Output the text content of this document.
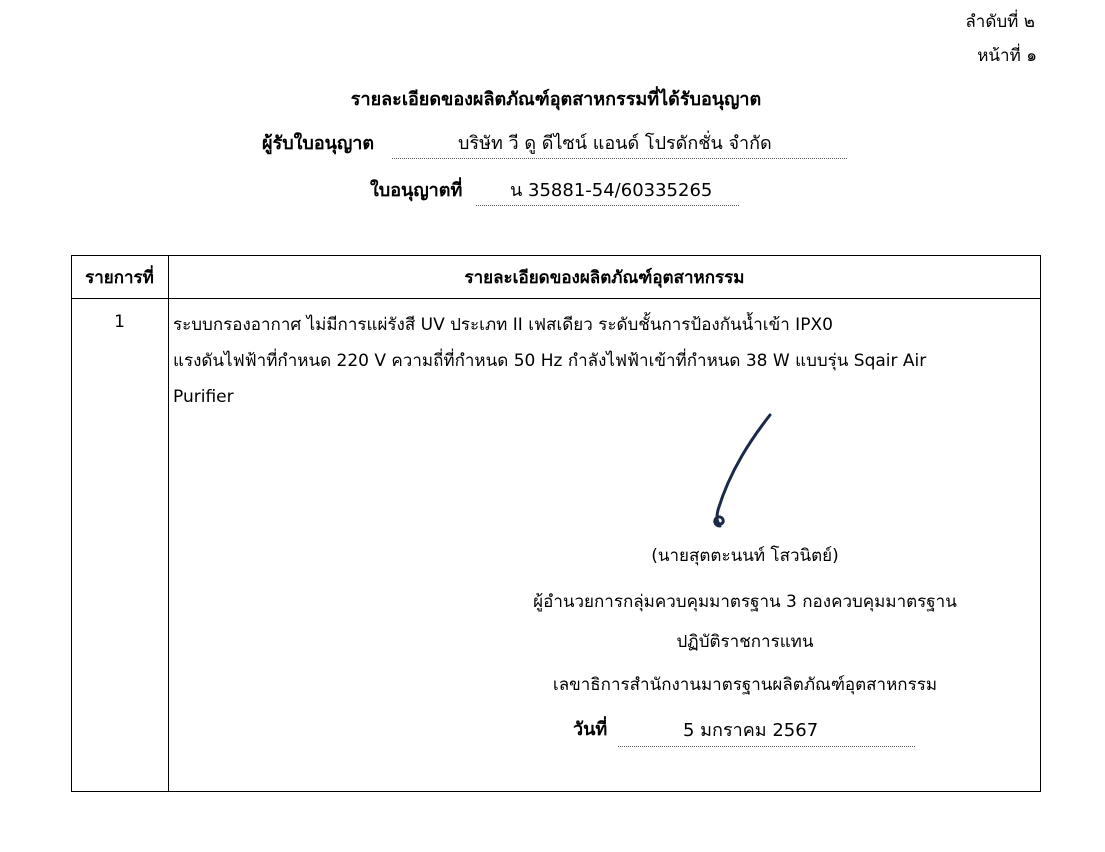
ลำดับที่ ๒
หน้าที่ ๑
รายละเอียดของผลิตภัณฑ์อุตสาหกรรมที่ได้รับอนุญาต
ผู้รับใบอนุญาต	บริษัท วี ดู ดีไซน์ แอนด์ โปรดักชั่น จำกัด
ใบอนุญาตที่	น 35881-54/60335265
รายการที่	รายละเอียดของผลิตภัณฑ์อุตสาหกรรม
1	ระบบกรองอากาศ ไม่มีการแผ่รังสี UV ประเภท II เฟสเดียว ระดับชั้นการป้องกันน้ำเข้า IPX0
แรงดันไฟฟ้าที่กำหนด 220 V ความถี่ที่กำหนด 50 Hz กำลังไฟฟ้าเข้าที่กำหนด 38 W แบบรุ่น Sqair Air
Purifier
(นายสุตตะนนท์ โสวนิตย์)
ผู้อำนวยการกลุ่มควบคุมมาตรฐาน 3 กองควบคุมมาตรฐาน
ปฏิบัติราชการแทน
เลขาธิการสำนักงานมาตรฐานผลิตภัณฑ์อุตสาหกรรม
วันที่	5 มกราคม 2567
